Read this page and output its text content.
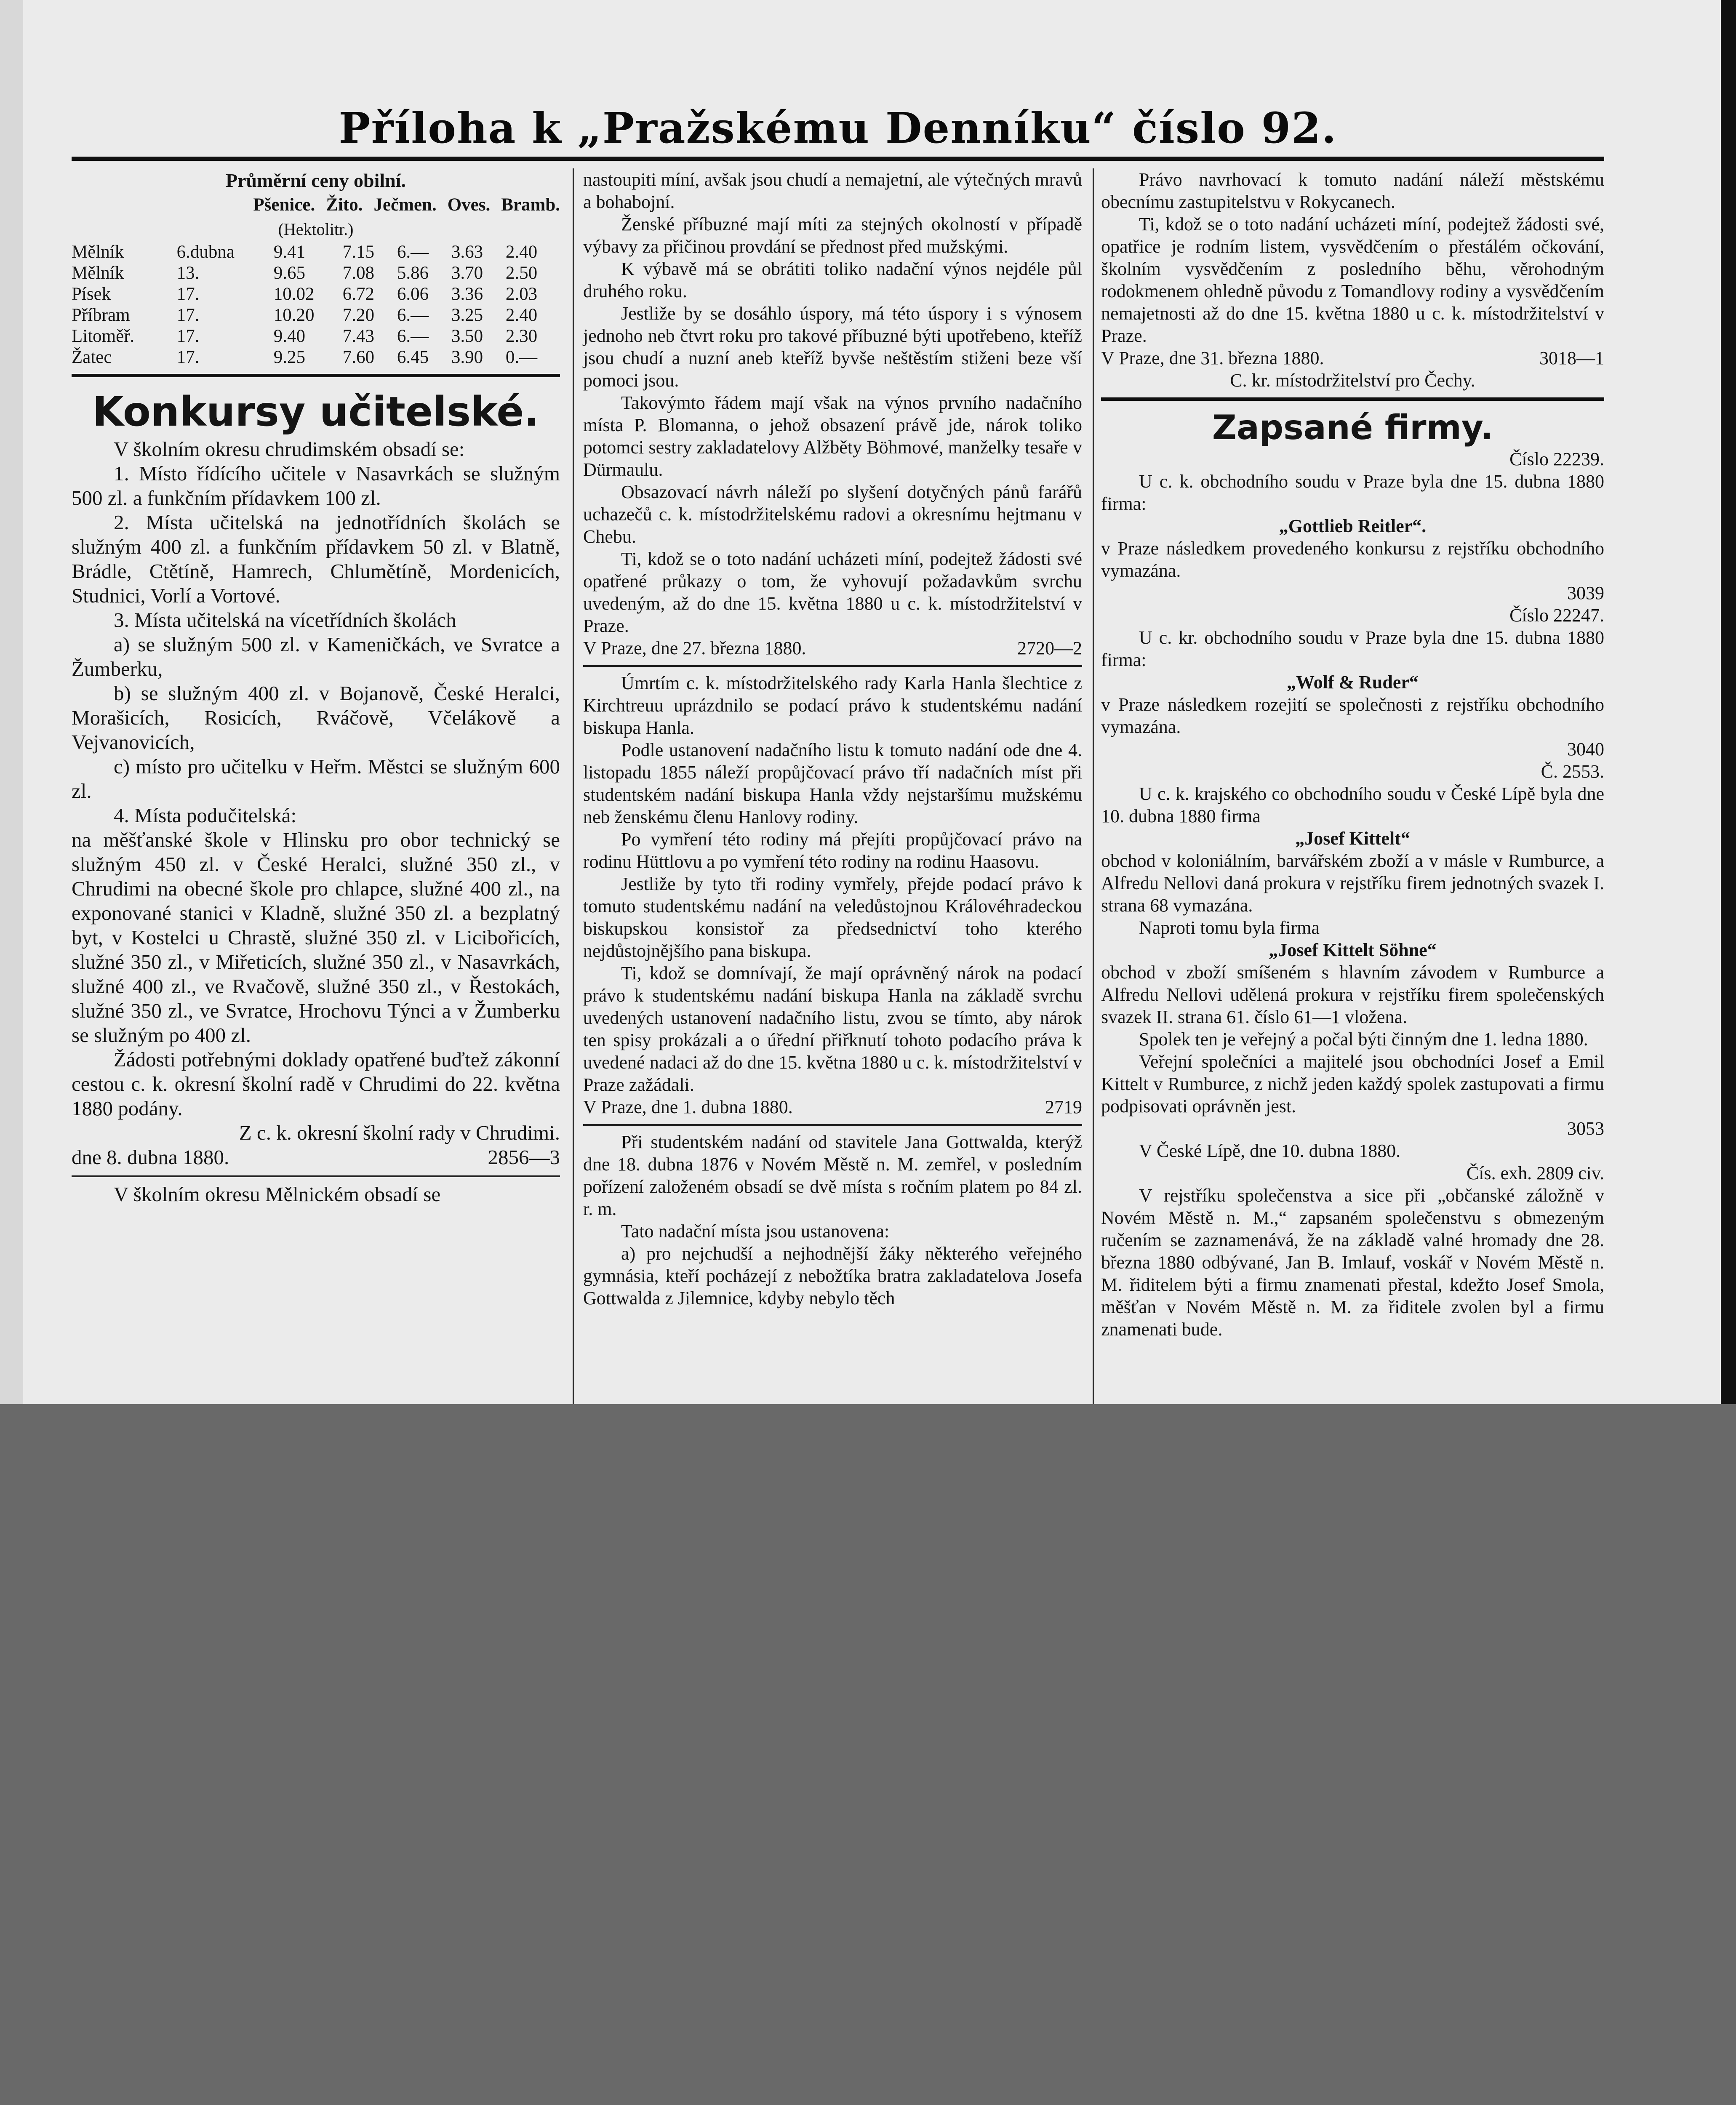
Příloha k „Pražskému Denníku“ číslo 92.

Průměrní ceny obilní.

Pšenice. Žito. Ječmen. Oves. Bramb.

(Hektolitr.)

Mělník	6.dubna	9.41	7.15	6.—	3.63	2.40
Mělník	13.	9.65	7.08	5.86	3.70	2.50
Písek	17.	10.02	6.72	6.06	3.36	2.03
Příbram	17.	10.20	7.20	6.—	3.25	2.40
Litoměř.	17.	9.40	7.43	6.—	3.50	2.30
Žatec	17.	9.25	7.60	6.45	3.90	0.—

Konkursy učitelské.

V školním okresu chrudimském obsadí se:

1. Místo řídícího učitele v Nasavrkách se služným 500 zl. a funkčním přídavkem 100 zl.

2. Místa učitelská na jednotřídních školách se služným 400 zl. a funkčním přídavkem 50 zl. v Blatně, Brádle, Ctětíně, Hamrech, Chlumětíně, Mordenicích, Studnici, Vorlí a Vortové.

3. Místa učitelská na vícetřídních školách

a) se služným 500 zl. v Kameničkách, ve Svratce a Žumberku,

b) se služným 400 zl. v Bojanově, České Heralci, Morašicích, Rosicích, Rváčově, Včelákově a Vejvanovicích,

c) místo pro učitelku v Heřm. Městci se služným 600 zl.

4. Místa podučitelská:

na měšťanské škole v Hlinsku pro obor technický se služným 450 zl. v České Heralci, služné 350 zl., v Chrudimi na obecné škole pro chlapce, služné 400 zl., na exponované stanici v Kladně, služné 350 zl. a bezplatný byt, v Kostelci u Chrastě, služné 350 zl. v Licibořicích, služné 350 zl., v Miřeticích, služné 350 zl., v Nasavrkách, služné 400 zl., ve Rvačově, služné 350 zl., v Řestokách, služné 350 zl., ve Svratce, Hrochovu Týnci a v Žumberku se služným po 400 zl.

Žádosti potřebnými doklady opatřené buďtež zákonní cestou c. k. okresní školní radě v Chrudimi do 22. května 1880 podány.

Z c. k. okresní školní rady v Chrudimi.

dne 8. dubna 1880.	2856—3

V školním okresu Mělnickém obsadí se

nastoupiti míní, avšak jsou chudí a nemajetní, ale výtečných mravů a bohabojní.

Ženské příbuzné mají míti za stejných okolností v případě výbavy za přičinou provdání se přednost před mužskými.

K výbavě má se obrátiti toliko nadační výnos nejdéle půl druhého roku.

Jestliže by se dosáhlo úspory, má této úspory i s výnosem jednoho neb čtvrt roku pro takové příbuzné býti upotřebeno, kteříž jsou chudí a nuzní aneb kteříž byvše neštěstím stiženi beze vší pomoci jsou.

Takovýmto řádem mají však na výnos prvního nadačního místa P. Blomanna, o jehož obsazení právě jde, nárok toliko potomci sestry zakladatelovy Alžběty Böhmové, manželky tesaře v Dürmaulu.

Obsazovací návrh náleží po slyšení dotyčných pánů farářů uchazečů c. k. místodržitelskému radovi a okresnímu hejtmanu v Chebu.

Ti, kdož se o toto nadání ucházeti míní, podejtež žádosti své opatřené průkazy o tom, že vyhovují požadavkům svrchu uvedeným, až do dne 15. května 1880 u c. k. místodržitelství v Praze.

V Praze, dne 27. března 1880.	2720—2

Úmrtím c. k. místodržitelského rady Karla Hanla šlechtice z Kirchtreuu uprázdnilo se podací právo k studentskému nadání biskupa Hanla.

Podle ustanovení nadačního listu k tomuto nadání ode dne 4. listopadu 1855 náleží propůjčovací právo tří nadačních míst při studentském nadání biskupa Hanla vždy nejstaršímu mužskému neb ženskému členu Hanlovy rodiny.

Po vymření této rodiny má přejíti propůjčovací právo na rodinu Hüttlovu a po vymření této rodiny na rodinu Haasovu.

Jestliže by tyto tři rodiny vymřely, přejde podací právo k tomuto studentskému nadání na veledůstojnou Královéhradeckou biskupskou konsistoř za předsednictví toho kterého nejdůstojnějšího pana biskupa.

Ti, kdož se domnívají, že mají oprávněný nárok na podací právo k studentskému nadání biskupa Hanla na základě svrchu uvedených ustanovení nadačního listu, zvou se tímto, aby nárok ten spisy prokázali a o úřední přiřknutí tohoto podacího práva k uvedené nadaci až do dne 15. května 1880 u c. k. místodržitelství v Praze zažádali.

V Praze, dne 1. dubna 1880.	2719

Při studentském nadání od stavitele Jana Gottwalda, kterýž dne 18. dubna 1876 v Novém Městě n. M. zemřel, v posledním pořízení založeném obsadí se dvě místa s ročním platem po 84 zl. r. m.

Tato nadační místa jsou ustanovena:

a) pro nejchudší a nejhodnější žáky některého veřejného gymnásia, kteří pocházejí z nebožtíka bratra zakladatelova Josefa Gottwalda z Jilemnice, kdyby nebylo těch

Právo navrhovací k tomuto nadání náleží městskému obecnímu zastupitelstvu v Rokycanech.

Ti, kdož se o toto nadání ucházeti míní, podejtež žádosti své, opatřice je rodním listem, vysvědčením o přestálém očkování, školním vysvědčením z posledního běhu, věrohodným rodokmenem ohledně původu z Tomandlovy rodiny a vysvědčením nemajetnosti až do dne 15. května 1880 u c. k. místodržitelství v Praze.

V Praze, dne 31. března 1880.	3018—1

C. kr. místodržitelství pro Čechy.

Zapsané firmy.

Číslo 22239.

U c. k. obchodního soudu v Praze byla dne 15. dubna 1880 firma:

„Gottlieb Reitler“.

v Praze následkem provedeného konkursu z rejstříku obchodního vymazána.

3039

Číslo 22247.

U c. kr. obchodního soudu v Praze byla dne 15. dubna 1880 firma:

„Wolf & Ruder“

v Praze následkem rozejití se společnosti z rejstříku obchodního vymazána.

3040

Č. 2553.

U c. k. krajského co obchodního soudu v České Lípě byla dne 10. dubna 1880 firma

„Josef Kittelt“

obchod v koloniálním, barvářském zboží a v másle v Rumburce, a Alfredu Nellovi daná prokura v rejstříku firem jednotných svazek I. strana 68 vymazána.

Naproti tomu byla firma

„Josef Kittelt Söhne“

obchod v zboží smíšeném s hlavním závodem v Rumburce a Alfredu Nellovi udělená prokura v rejstříku firem společenských svazek II. strana 61. číslo 61—1 vložena.

Spolek ten je veřejný a počal býti činným dne 1. ledna 1880.

Veřejní společníci a majitelé jsou obchodníci Josef a Emil Kittelt v Rumburce, z nichž jeden každý spolek zastupovati a firmu podpisovati oprávněn jest.

3053

V České Lípě, dne 10. dubna 1880.

Čís. exh. 2809 civ.

V rejstříku společenstva a sice při „občanské záložně v Novém Městě n. M.,“ zapsaném společenstvu s obmezeným ručením se zaznamenává, že na základě valné hromady dne 28. března 1880 odbývané, Jan B. Imlauf, voskář v Novém Městě n. M. řiditelem býti a firmu znamenati přestal, kdežto Josef Smola, měšťan v Novém Městě n. M. za řiditele zvolen byl a firmu znamenati bude.
